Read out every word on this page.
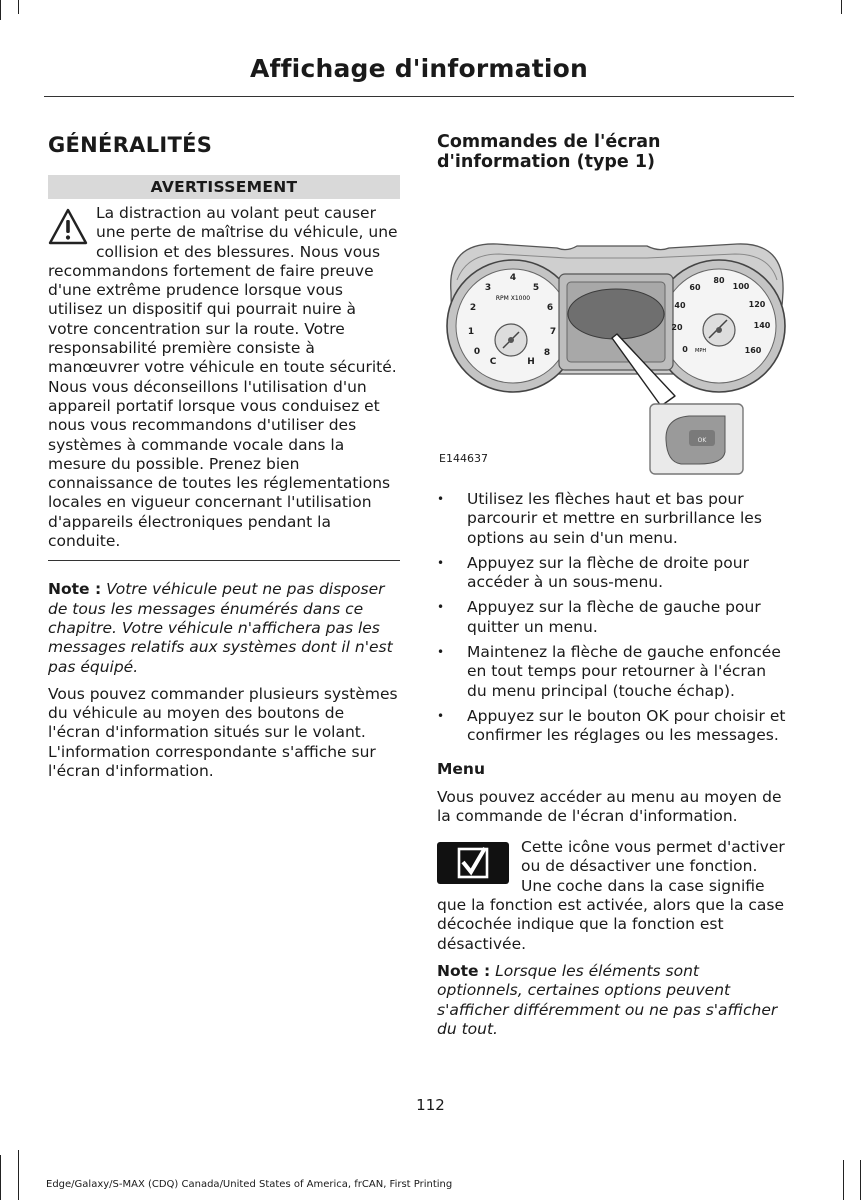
Affichage d'information
GÉNÉRALITÉS
AVERTISSEMENT

La distraction au volant peut causer une perte de maîtrise du véhicule, une collision et des blessures. Nous vous recommandons fortement de faire preuve d'une extrême prudence lorsque vous utilisez un dispositif qui pourrait nuire à votre concentration sur la route. Votre responsabilité première consiste à manœuvrer votre véhicule en toute sécurité. Nous vous déconseillons l'utilisation d'un appareil portatif lorsque vous conduisez et nous vous recommandons d'utiliser des systèmes à commande vocale dans la mesure du possible. Prenez bien connaissance de toutes les réglementations locales en vigueur concernant l'utilisation d'appareils électroniques pendant la conduite.

Note : Votre véhicule peut ne pas disposer de tous les messages énumérés dans ce chapitre. Votre véhicule n'affichera pas les messages relatifs aux systèmes dont il n'est pas équipé.

Vous pouvez commander plusieurs systèmes du véhicule au moyen des boutons de l'écran d'information situés sur le volant. L'information correspondante s'affiche sur l'écran d'information.

Commandes de l'écran d'information (type 1)
OK
RPM X1000
0
1
2
3
4
5
6
7
8
C	H
0
20
40
60
80
100
120
140
160
MPH
E144637
• Utilisez les flèches haut et bas pour parcourir et mettre en surbrillance les options au sein d'un menu.
• Appuyez sur la flèche de droite pour accéder à un sous-menu.
• Appuyez sur la flèche de gauche pour quitter un menu.
• Maintenez la flèche de gauche enfoncée en tout temps pour retourner à l'écran du menu principal (touche échap).
• Appuyez sur le bouton OK pour choisir et confirmer les réglages ou les messages.
Menu

Vous pouvez accéder au menu au moyen de la commande de l'écran d'information.

Cette icône vous permet d'activer ou de désactiver une fonction. Une coche dans la case signifie que la fonction est activée, alors que la case décochée indique que la fonction est désactivée.

Note : Lorsque les éléments sont optionnels, certaines options peuvent s'afficher différemment ou ne pas s'afficher du tout.

112
Edge/Galaxy/S-MAX (CDQ) Canada/United States of America, frCAN, First Printing
